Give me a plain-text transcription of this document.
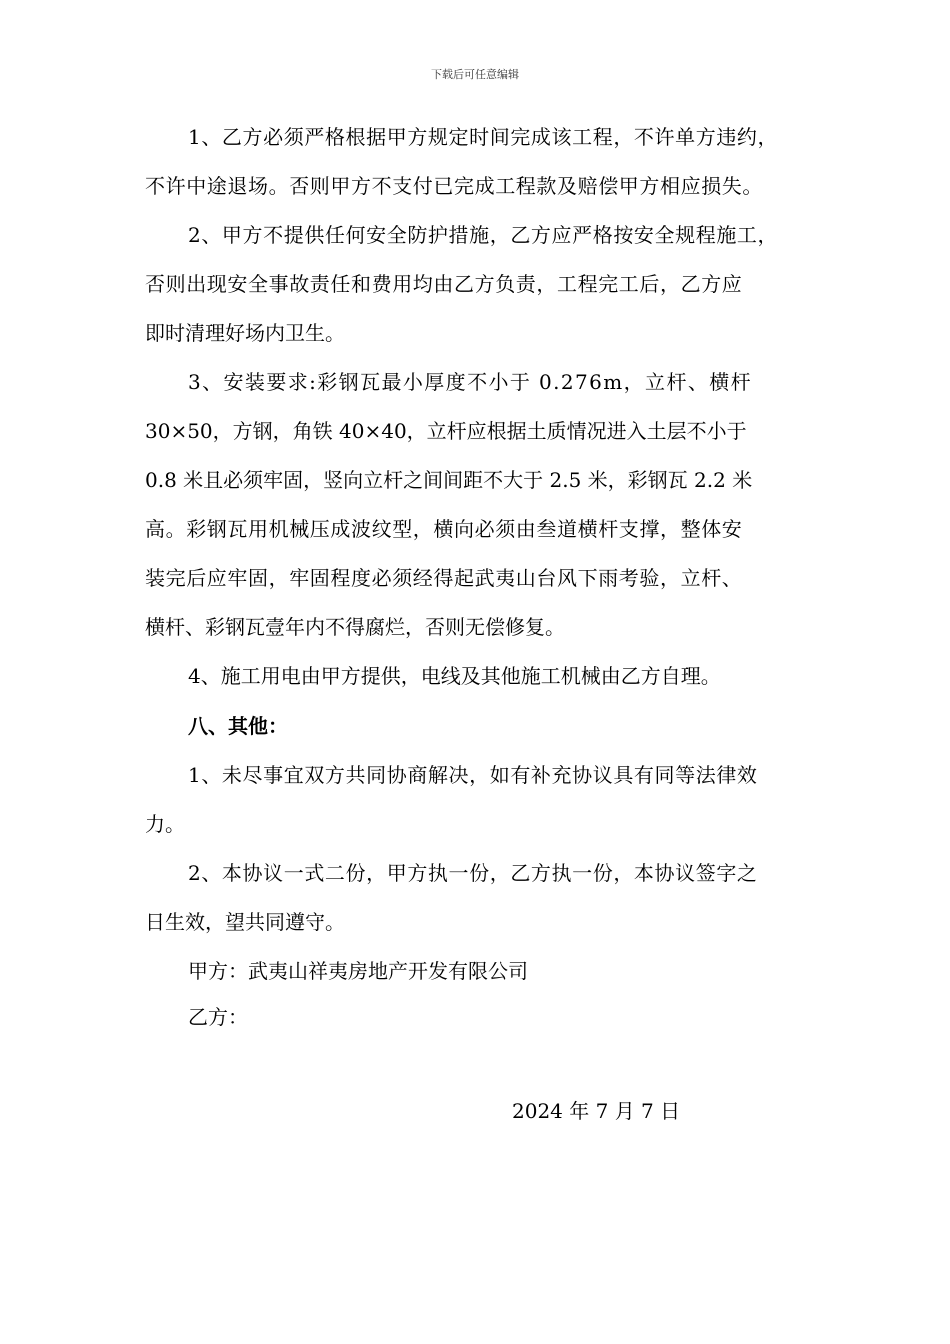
下载后可任意编辑
1、乙方必须严格根据甲方规定时间完成该工程，不许单方违约，
不许中途退场。否则甲方不支付已完成工程款及赔偿甲方相应损失。
2、甲方不提供任何安全防护措施，乙方应严格按安全规程施工，
否则出现安全事故责任和费用均由乙方负责，工程完工后，乙方应
即时清理好场内卫生。
3、安装要求:彩钢瓦最小厚度不小于 0.276m，立杆、横杆
30×50，方钢，角铁 40×40，立杆应根据土质情况进入土层不小于
0.8 米且必须牢固，竖向立杆之间间距不大于 2.5 米，彩钢瓦 2.2 米
高。彩钢瓦用机械压成波纹型，横向必须由叁道横杆支撑，整体安
装完后应牢固，牢固程度必须经得起武夷山台风下雨考验，立杆、
横杆、彩钢瓦壹年内不得腐烂，否则无偿修复。
4、施工用电由甲方提供，电线及其他施工机械由乙方自理。
八、其他：
1、未尽事宜双方共同协商解决，如有补充协议具有同等法律效
力。
2、本协议一式二份，甲方执一份，乙方执一份，本协议签字之
日生效，望共同遵守。
甲方：武夷山祥夷房地产开发有限公司
乙方：
2024 年 7 月 7 日
